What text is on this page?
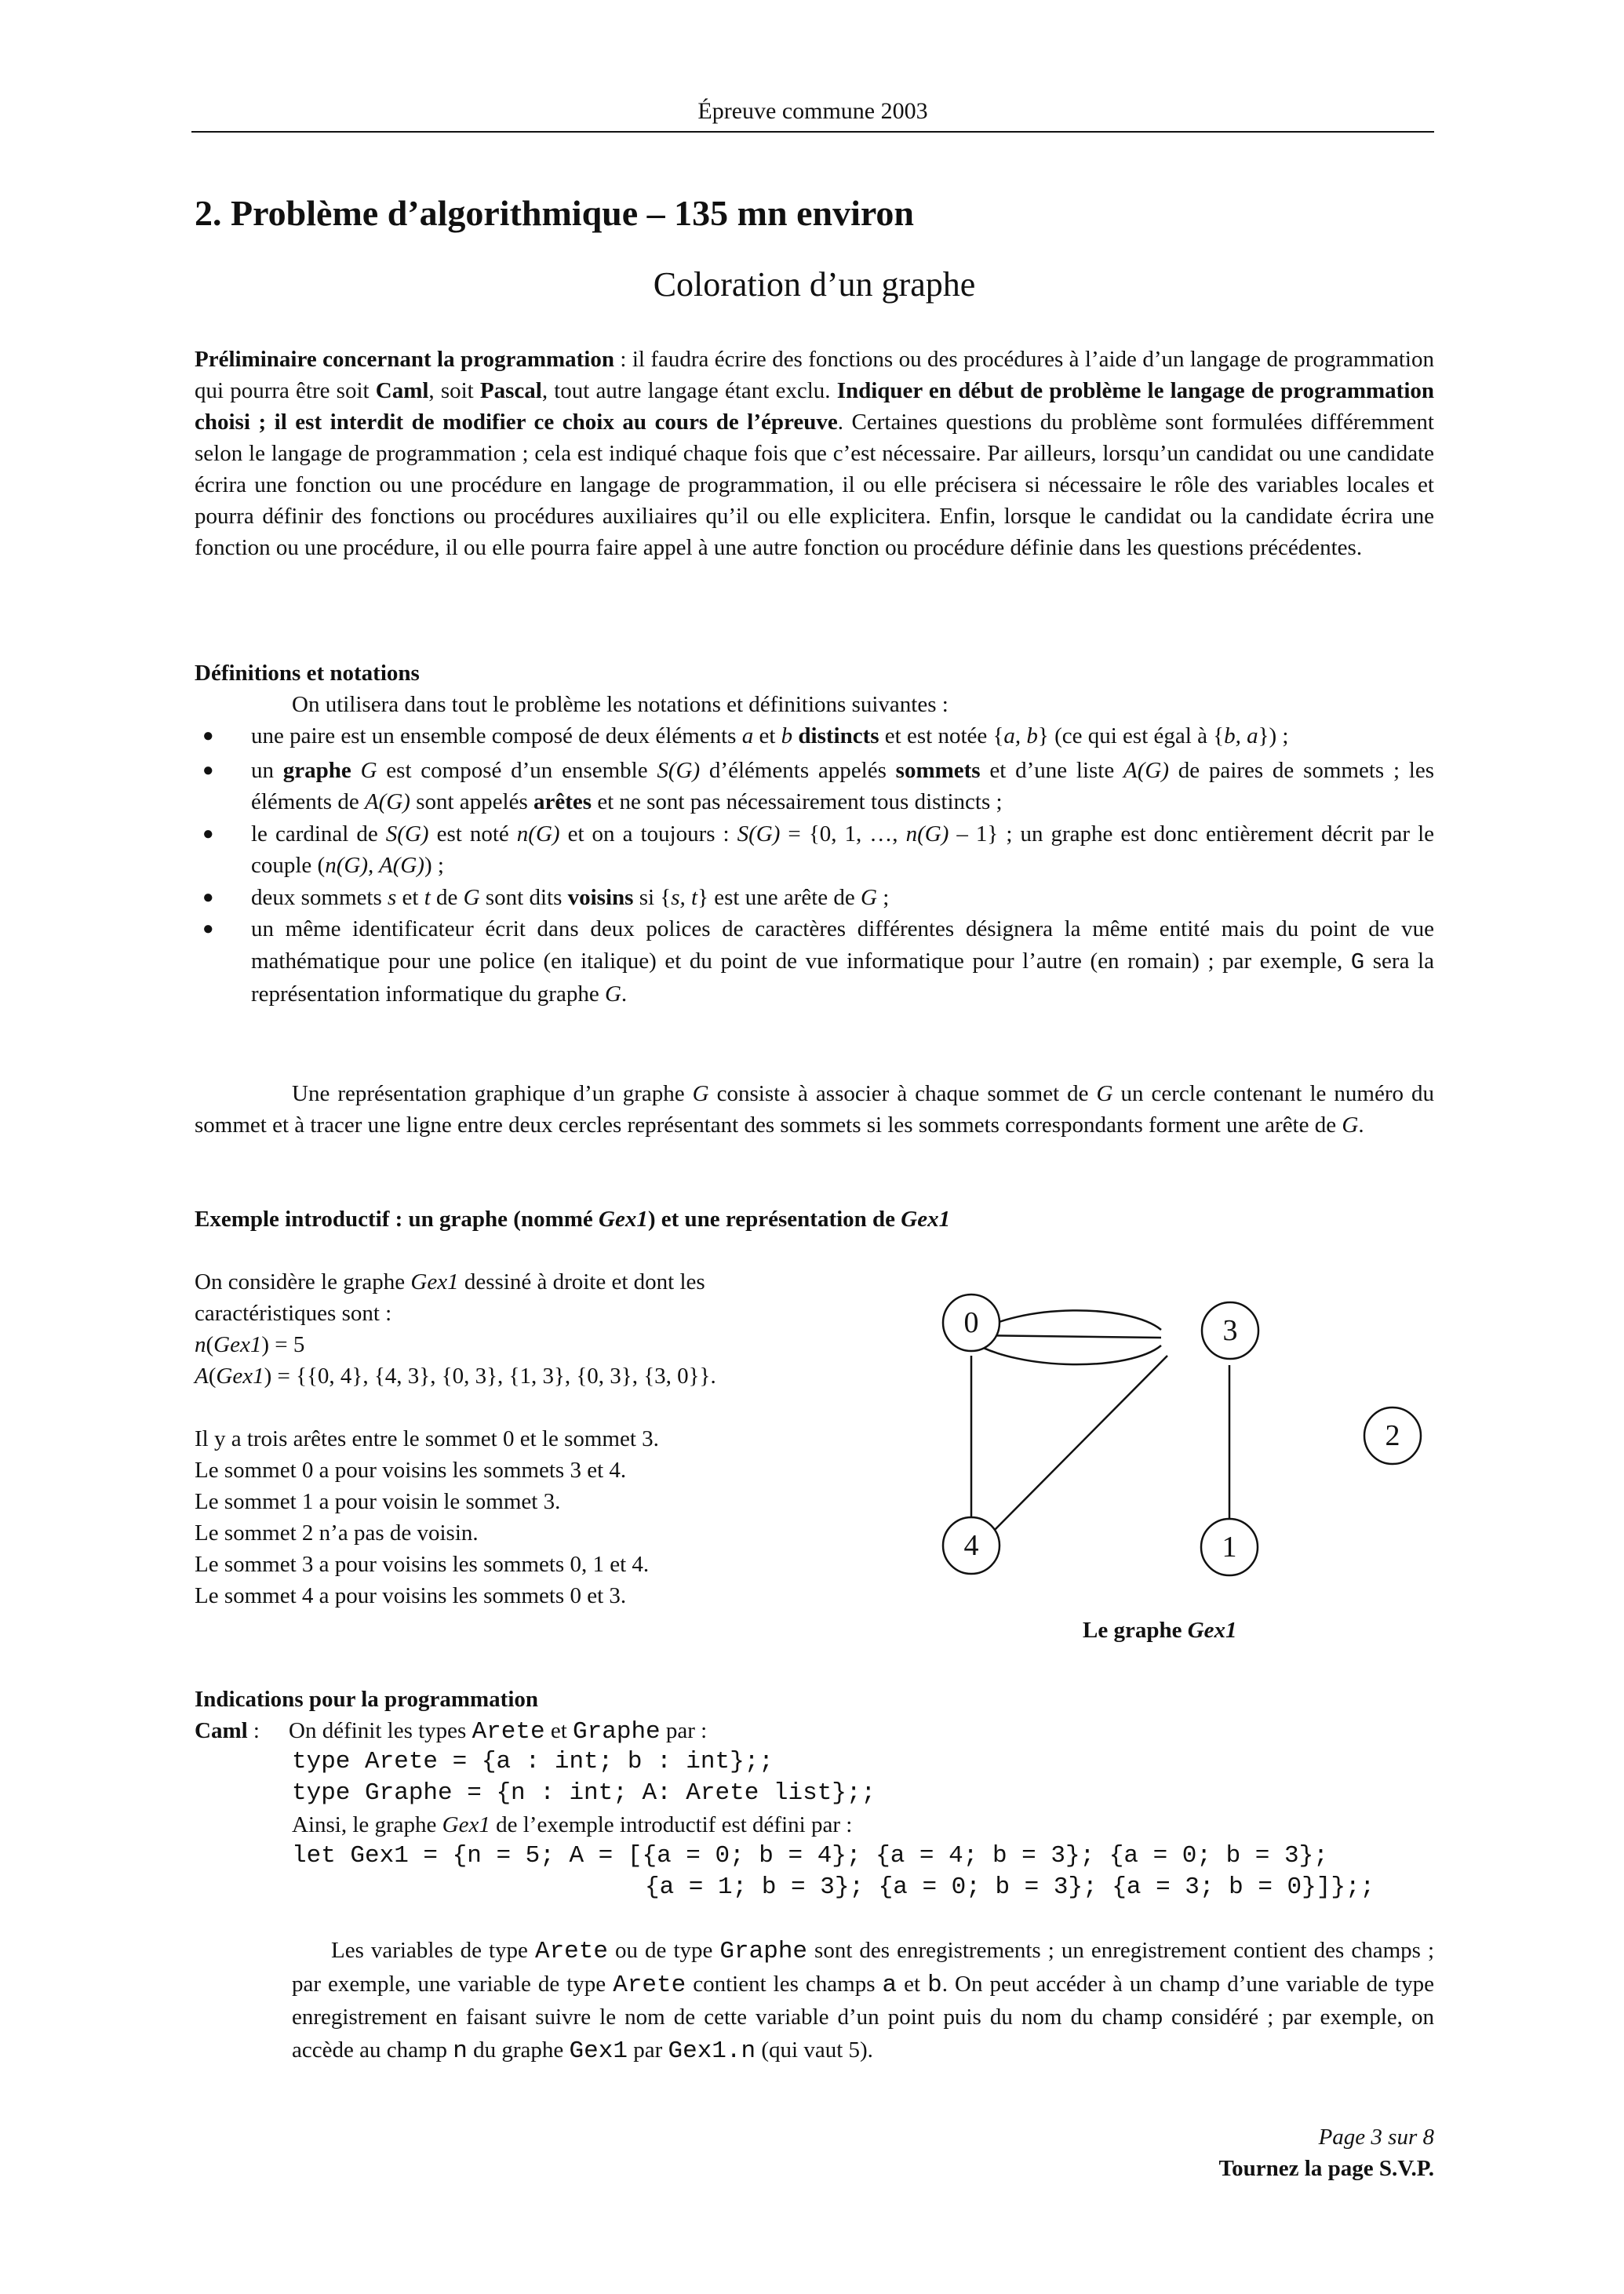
Épreuve commune 2003
2. Problème d’algorithmique – 135 mn environ
Coloration d’un graphe
Préliminaire concernant la programmation : il faudra écrire des fonctions ou des procédures à l’aide d’un langage de programmation qui pourra être soit Caml, soit Pascal, tout autre langage étant exclu. Indiquer en début de problème le langage de programmation choisi ; il est interdit de modifier ce choix au cours de l’épreuve. Certaines questions du problème sont formulées différemment selon le langage de programmation ; cela est indiqué chaque fois que c’est nécessaire. Par ailleurs, lorsqu’un candidat ou une candidate écrira une fonction ou une procédure en langage de programmation, il ou elle précisera si nécessaire le rôle des variables locales et pourra définir des fonctions ou procédures auxiliaires qu’il ou elle explicitera. Enfin, lorsque le candidat ou la candidate écrira une fonction ou une procédure, il ou elle pourra faire appel à une autre fonction ou procédure définie dans les questions précédentes.
Définitions et notations
On utilisera dans tout le problème les notations et définitions suivantes :
● une paire est un ensemble composé de deux éléments a et b distincts et est notée {a, b} (ce qui est égal à {b, a}) ;
● un graphe G est composé d’un ensemble S(G) d’éléments appelés sommets et d’une liste A(G) de paires de sommets ; les éléments de A(G) sont appelés arêtes et ne sont pas nécessairement tous distincts ;
● le cardinal de S(G) est noté n(G) et on a toujours : S(G) = {0, 1, …, n(G) – 1} ; un graphe est donc entièrement décrit par le couple (n(G), A(G)) ;
● deux sommets s et t de G sont dits voisins si {s, t} est une arête de G ;
● un même identificateur écrit dans deux polices de caractères différentes désignera la même entité mais du point de vue mathématique pour une police (en italique) et du point de vue informatique pour l’autre (en romain) ; par exemple, G sera la représentation informatique du graphe G.
Une représentation graphique d’un graphe G consiste à associer à chaque sommet de G un cercle contenant le numéro du sommet et à tracer une ligne entre deux cercles représentant des sommets si les sommets correspondants forment une arête de G.
Exemple introductif : un graphe (nommé Gex1) et une représentation de Gex1
On considère le graphe Gex1 dessiné à droite et dont les
caractéristiques sont :
n(Gex1) = 5
A(Gex1) = {{0, 4}, {4, 3}, {0, 3}, {1, 3}, {0, 3}, {3, 0}}.
Il y a trois arêtes entre le sommet 0 et le sommet 3.
Le sommet 0 a pour voisins les sommets 3 et 4.
Le sommet 1 a pour voisin le sommet 3.
Le sommet 2 n’a pas de voisin.
Le sommet 3 a pour voisins les sommets 0, 1 et 4.
Le sommet 4 a pour voisins les sommets 0 et 3.
0	3
2
4	1
Le graphe Gex1
Indications pour la programmation
Caml : On définit les types Arete et Graphe par :
type Arete = {a : int; b : int};;
type Graphe = {n : int; A: Arete list};;
Ainsi, le graphe Gex1 de l’exemple introductif est défini par :
let Gex1 = {n = 5; A = [{a = 0; b = 4}; {a = 4; b = 3}; {a = 0; b = 3};
{a = 1; b = 3}; {a = 0; b = 3}; {a = 3; b = 0}]};;
Les variables de type Arete ou de type Graphe sont des enregistrements ; un enregistrement contient des champs ; par exemple, une variable de type Arete contient les champs a et b. On peut accéder à un champ d’une variable de type enregistrement en faisant suivre le nom de cette variable d’un point puis du nom du champ considéré ; par exemple, on accède au champ n du graphe Gex1 par Gex1.n (qui vaut 5).
Page 3 sur 8
Tournez la page S.V.P.
